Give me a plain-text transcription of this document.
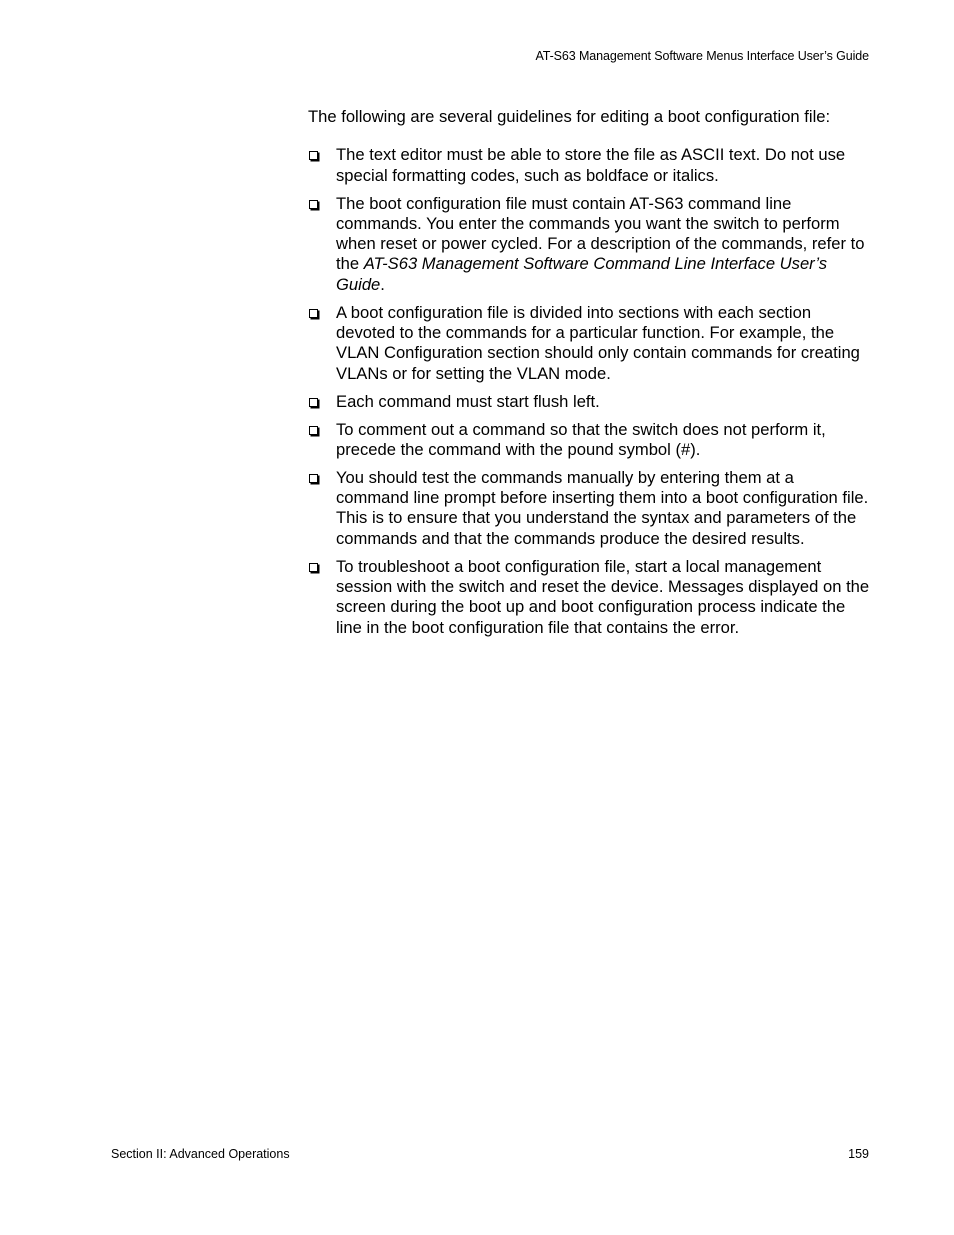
AT-S63 Management Software Menus Interface User’s Guide

The following are several guidelines for editing a boot configuration file:

The text editor must be able to store the file as ASCII text. Do not use special formatting codes, such as boldface or italics.
The boot configuration file must contain AT-S63 command line commands. You enter the commands you want the switch to perform when reset or power cycled. For a description of the commands, refer to the AT-S63 Management Software Command Line Interface User’s Guide.
A boot configuration file is divided into sections with each section devoted to the commands for a particular function. For example, the VLAN Configuration section should only contain commands for creating VLANs or for setting the VLAN mode.
Each command must start flush left.
To comment out a command so that the switch does not perform it, precede the command with the pound symbol (#).
You should test the commands manually by entering them at a command line prompt before inserting them into a boot configuration file. This is to ensure that you understand the syntax and parameters of the commands and that the commands produce the desired results.
To troubleshoot a boot configuration file, start a local management session with the switch and reset the device. Messages displayed on the screen during the boot up and boot configuration process indicate the line in the boot configuration file that contains the error.
Section II: Advanced Operations	159
